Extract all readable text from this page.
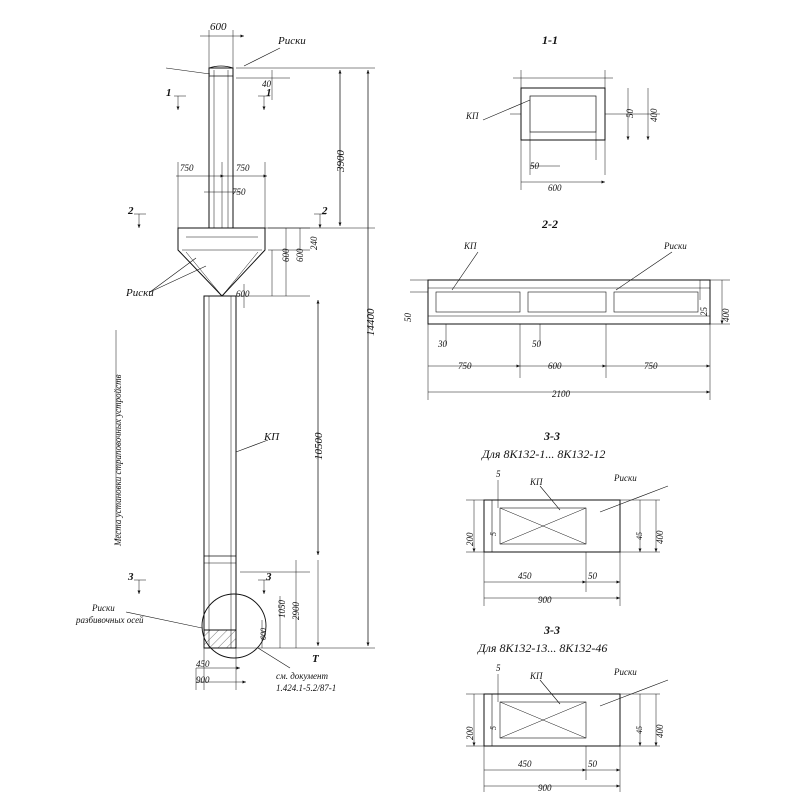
600
Риски
40
1	1
2	2
3	3
750	750
750
600
600 600
240
3900
14400
10500
2900
1050
600
Риски
КП
Места установки страповочных устройств
Риски
разбивочных осей
450
900
Т
см. документ
1.424.1-5.2/87-1
1-1
КП
50
600
400
50
2-2
КП	Риски
50
25 400
30	50
750	600	750
2100
3-3
Для 8К132-1... 8К132-12
5
КП	Риски
200 5	45 400
450	50
900
3-3
Для 8К132-13... 8К132-46
5
КП	Риски
200 5	45 400
450	50
900
